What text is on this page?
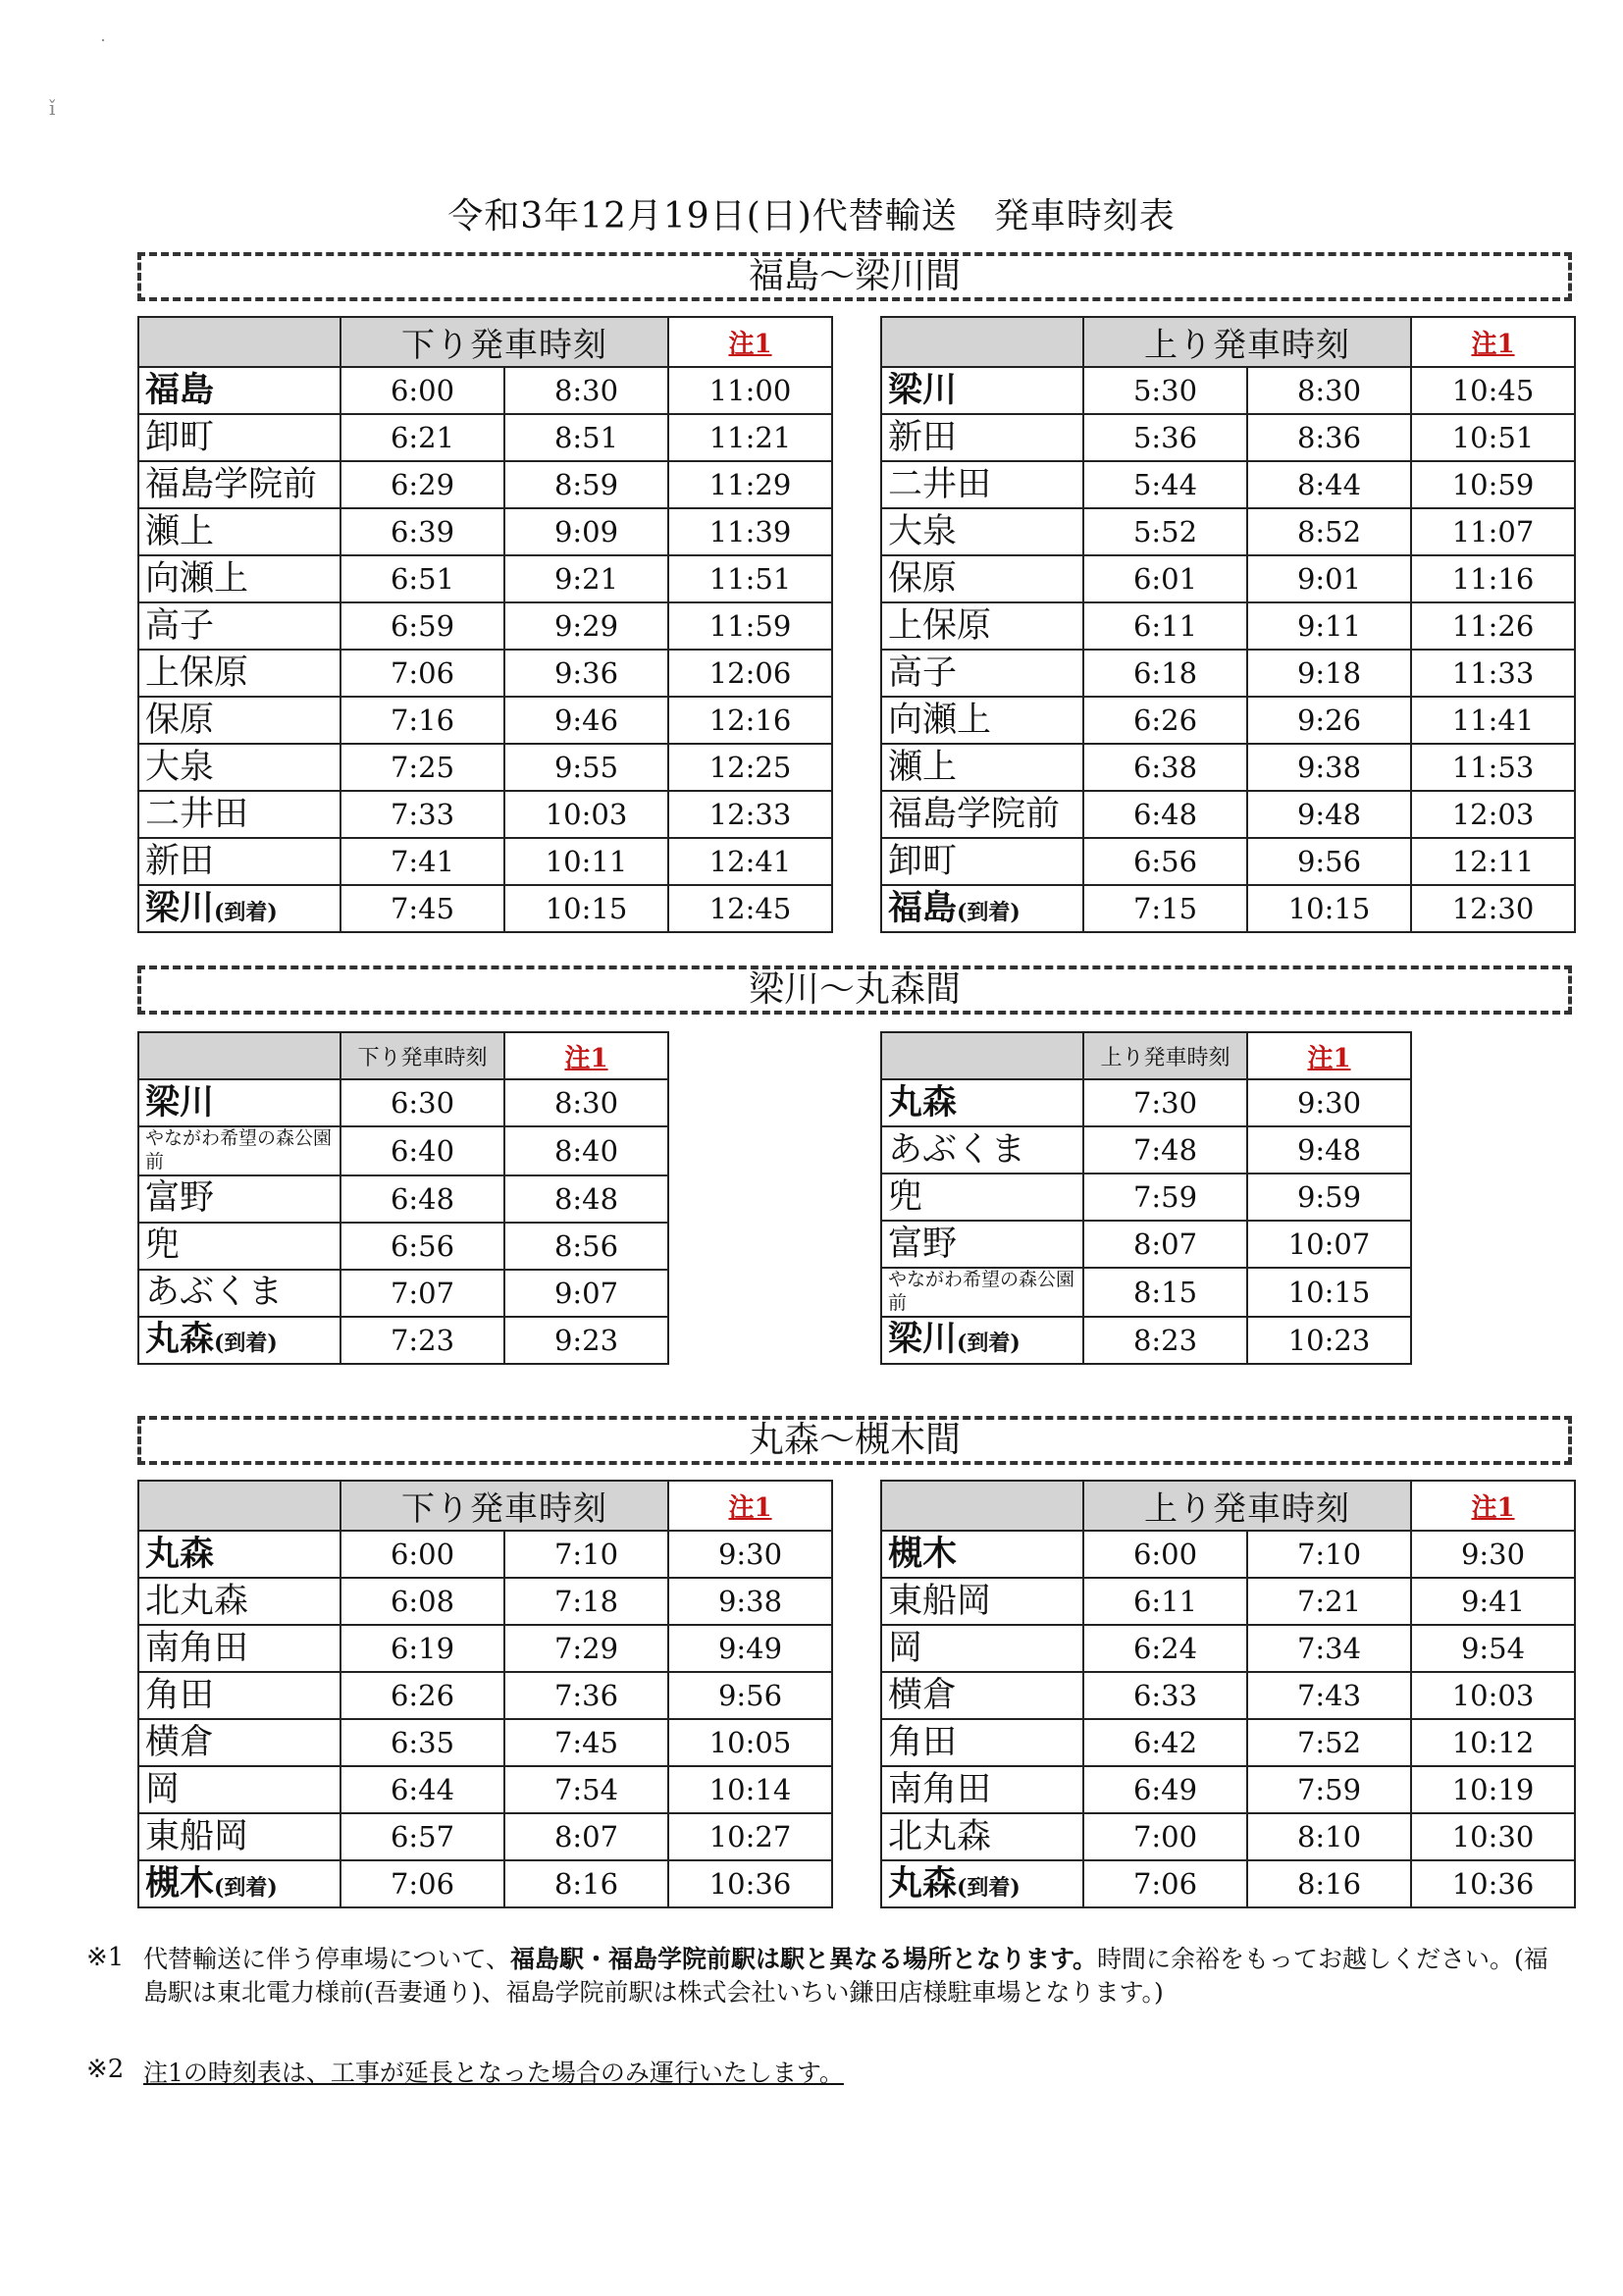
˙
ǐ
令和3年12月19日(日)代替輸送　発車時刻表
福島〜梁川間
	下り発車時刻		注1
福島	6:00	8:30	11:00
卸町	6:21	8:51	11:21
福島学院前	6:29	8:59	11:29
瀬上	6:39	9:09	11:39
向瀬上	6:51	9:21	11:51
高子	6:59	9:29	11:59
上保原	7:06	9:36	12:06
保原	7:16	9:46	12:16
大泉	7:25	9:55	12:25
二井田	7:33	10:03	12:33
新田	7:41	10:11	12:41
梁川(到着)	7:45	10:15	12:45
	上り発車時刻		注1
梁川	5:30	8:30	10:45
新田	5:36	8:36	10:51
二井田	5:44	8:44	10:59
大泉	5:52	8:52	11:07
保原	6:01	9:01	11:16
上保原	6:11	9:11	11:26
高子	6:18	9:18	11:33
向瀬上	6:26	9:26	11:41
瀬上	6:38	9:38	11:53
福島学院前	6:48	9:48	12:03
卸町	6:56	9:56	12:11
福島(到着)	7:15	10:15	12:30
梁川〜丸森間
	下り発車時刻	注1
梁川	6:30	8:30
やながわ希望の森公園前	6:40	8:40
富野	6:48	8:48
兜	6:56	8:56
あぶくま	7:07	9:07
丸森(到着)	7:23	9:23
	上り発車時刻	注1
丸森	7:30	9:30
あぶくま	7:48	9:48
兜	7:59	9:59
富野	8:07	10:07
やながわ希望の森公園前	8:15	10:15
梁川(到着)	8:23	10:23
丸森〜槻木間
	下り発車時刻		注1
丸森	6:00	7:10	9:30
北丸森	6:08	7:18	9:38
南角田	6:19	7:29	9:49
角田	6:26	7:36	9:56
横倉	6:35	7:45	10:05
岡	6:44	7:54	10:14
東船岡	6:57	8:07	10:27
槻木(到着)	7:06	8:16	10:36
	上り発車時刻		注1
槻木	6:00	7:10	9:30
東船岡	6:11	7:21	9:41
岡	6:24	7:34	9:54
横倉	6:33	7:43	10:03
角田	6:42	7:52	10:12
南角田	6:49	7:59	10:19
北丸森	7:00	8:10	10:30
丸森(到着)	7:06	8:16	10:36
※1 代替輸送に伴う停車場について、福島駅・福島学院前駅は駅と異なる場所となります。時間に余裕をもってお越しください。(福島駅は東北電力様前(吾妻通り)、福島学院前駅は株式会社いちい鎌田店様駐車場となります。)
※2 注1の時刻表は、工事が延長となった場合のみ運行いたします。
